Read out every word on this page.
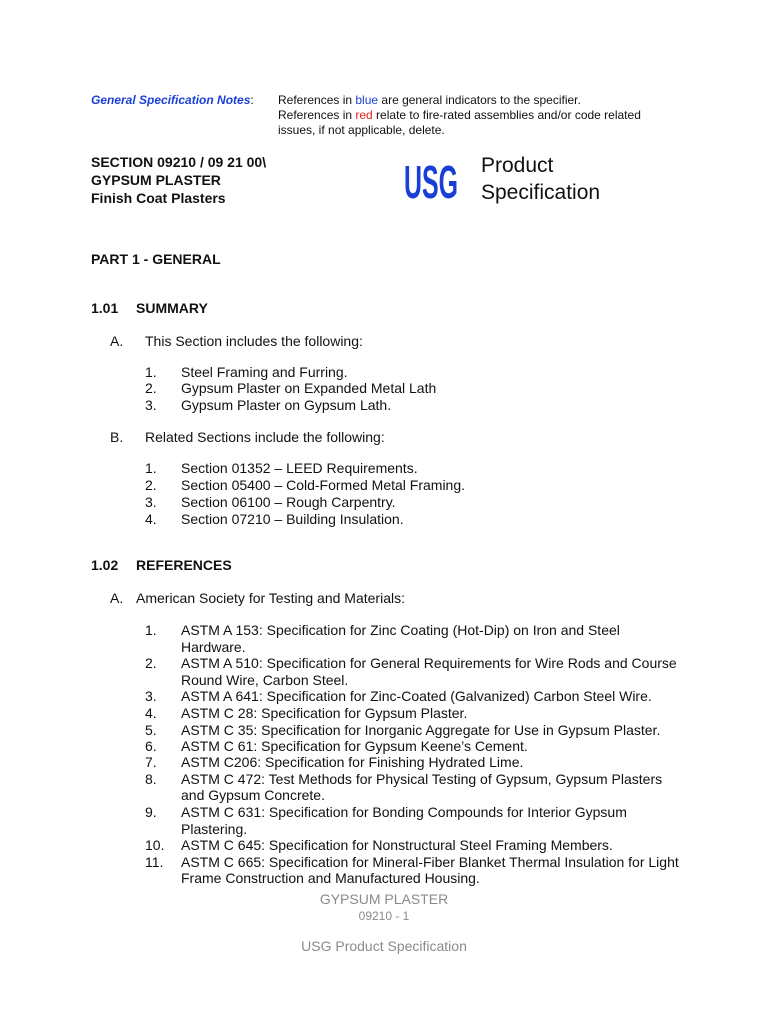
General Specification Notes: References in blue are general indicators to the specifier.
References in red relate to fire-rated assemblies and/or code related
issues, if not applicable, delete.
SECTION 09210 / 09 21 00\
GYPSUM PLASTER
Finish Coat Plasters	USG Product
Specification
PART 1 - GENERAL
1.01 SUMMARY
A. This Section includes the following:
1. Steel Framing and Furring.
2. Gypsum Plaster on Expanded Metal Lath
3. Gypsum Plaster on Gypsum Lath.
B. Related Sections include the following:
1. Section 01352 – LEED Requirements.
2. Section 05400 – Cold-Formed Metal Framing.
3. Section 06100 – Rough Carpentry.
4. Section 07210 – Building Insulation.
1.02 REFERENCES
A. American Society for Testing and Materials:
1. ASTM A 153: Specification for Zinc Coating (Hot-Dip) on Iron and Steel
Hardware.
2. ASTM A 510: Specification for General Requirements for Wire Rods and Course
Round Wire, Carbon Steel.
3. ASTM A 641: Specification for Zinc-Coated (Galvanized) Carbon Steel Wire.
4. ASTM C 28: Specification for Gypsum Plaster.
5. ASTM C 35: Specification for Inorganic Aggregate for Use in Gypsum Plaster.
6. ASTM C 61: Specification for Gypsum Keene’s Cement.
7. ASTM C206: Specification for Finishing Hydrated Lime.
8. ASTM C 472: Test Methods for Physical Testing of Gypsum, Gypsum Plasters
and Gypsum Concrete.
9. ASTM C 631: Specification for Bonding Compounds for Interior Gypsum
Plastering.
10. ASTM C 645: Specification for Nonstructural Steel Framing Members.
11. ASTM C 665: Specification for Mineral-Fiber Blanket Thermal Insulation for Light
Frame Construction and Manufactured Housing.
GYPSUM PLASTER
09210 - 1
USG Product Specification
